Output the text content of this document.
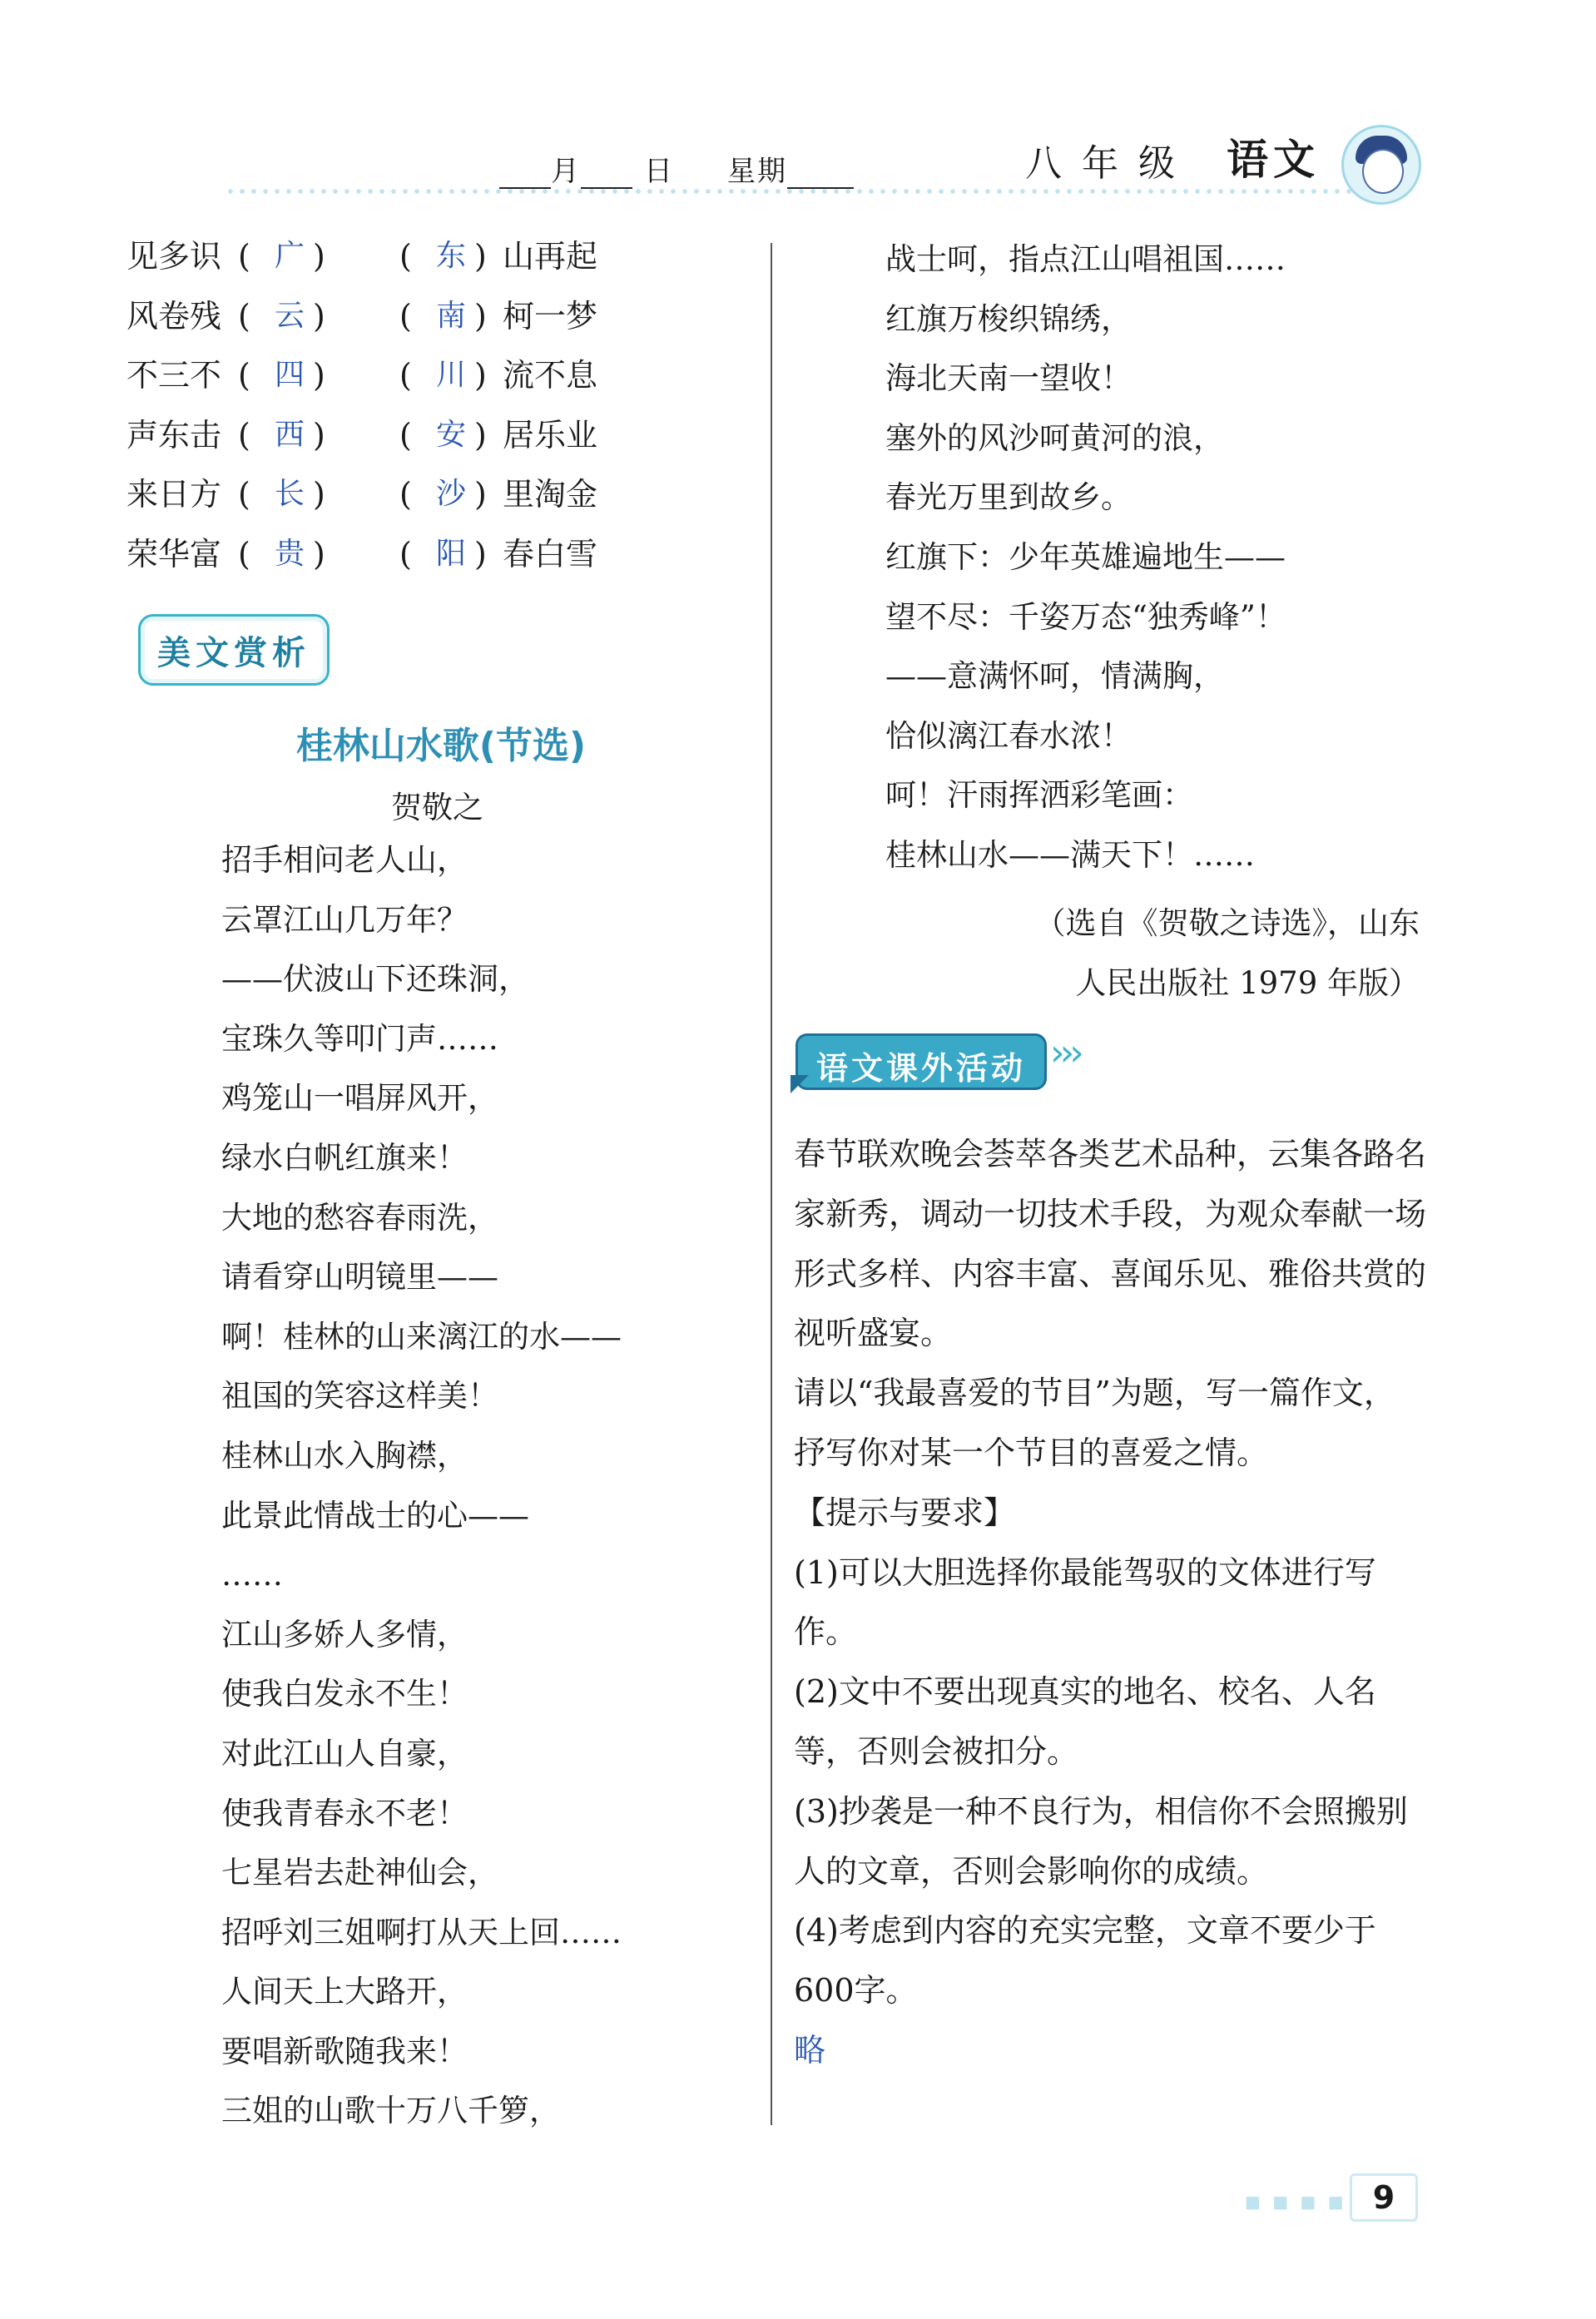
月 日 星期	八年级 语文
见多识 ( 广 )	( 东 ) 山再起
风卷残 ( 云 )	( 南 ) 柯一梦
不三不 ( 四 )	( 川 ) 流不息
声东击 ( 西 )	( 安 ) 居乐业
来日方 ( 长 )	( 沙 ) 里淘金
荣华富 ( 贵 )	( 阳 ) 春白雪
美文赏析
桂林山水歌(节选)
贺敬之
招手相问老人山，
云罩江山几万年？
——伏波山下还珠洞，
宝珠久等叩门声……
鸡笼山一唱屏风开，
绿水白帆红旗来！
大地的愁容春雨洗，
请看穿山明镜里——
啊！桂林的山来漓江的水——
祖国的笑容这样美！
桂林山水入胸襟，
此景此情战士的心——
……
江山多娇人多情，
使我白发永不生！
对此江山人自豪，
使我青春永不老！
七星岩去赴神仙会，
招呼刘三姐啊打从天上回……
人间天上大路开，
要唱新歌随我来！
三姐的山歌十万八千箩，
战士呵，指点江山唱祖国……
红旗万梭织锦绣，
海北天南一望收！
塞外的风沙呵黄河的浪，
春光万里到故乡。
红旗下：少年英雄遍地生——
望不尽：千姿万态“独秀峰”！
——意满怀呵，情满胸，
恰似漓江春水浓！
呵！汗雨挥洒彩笔画：
桂林山水——满天下！……
（选自《贺敬之诗选》，山东
人民出版社 1979 年版）
语文课外活动 ›››

春节联欢晚会荟萃各类艺术品种，云集各路名家新秀，调动一切技术手段，为观众奉献一场形式多样、内容丰富、喜闻乐见、雅俗共赏的视听盛宴。

请以“我最喜爱的节目”为题，写一篇作文，抒写你对某一个节目的喜爱之情。

【提示与要求】

(1)可以大胆选择你最能驾驭的文体进行写作。

(2)文中不要出现真实的地名、校名、人名等，否则会被扣分。

(3)抄袭是一种不良行为，相信你不会照搬别人的文章，否则会影响你的成绩。

(4)考虑到内容的充实完整，文章不要少于600字。

略

■ ■ ■ ■ 9
